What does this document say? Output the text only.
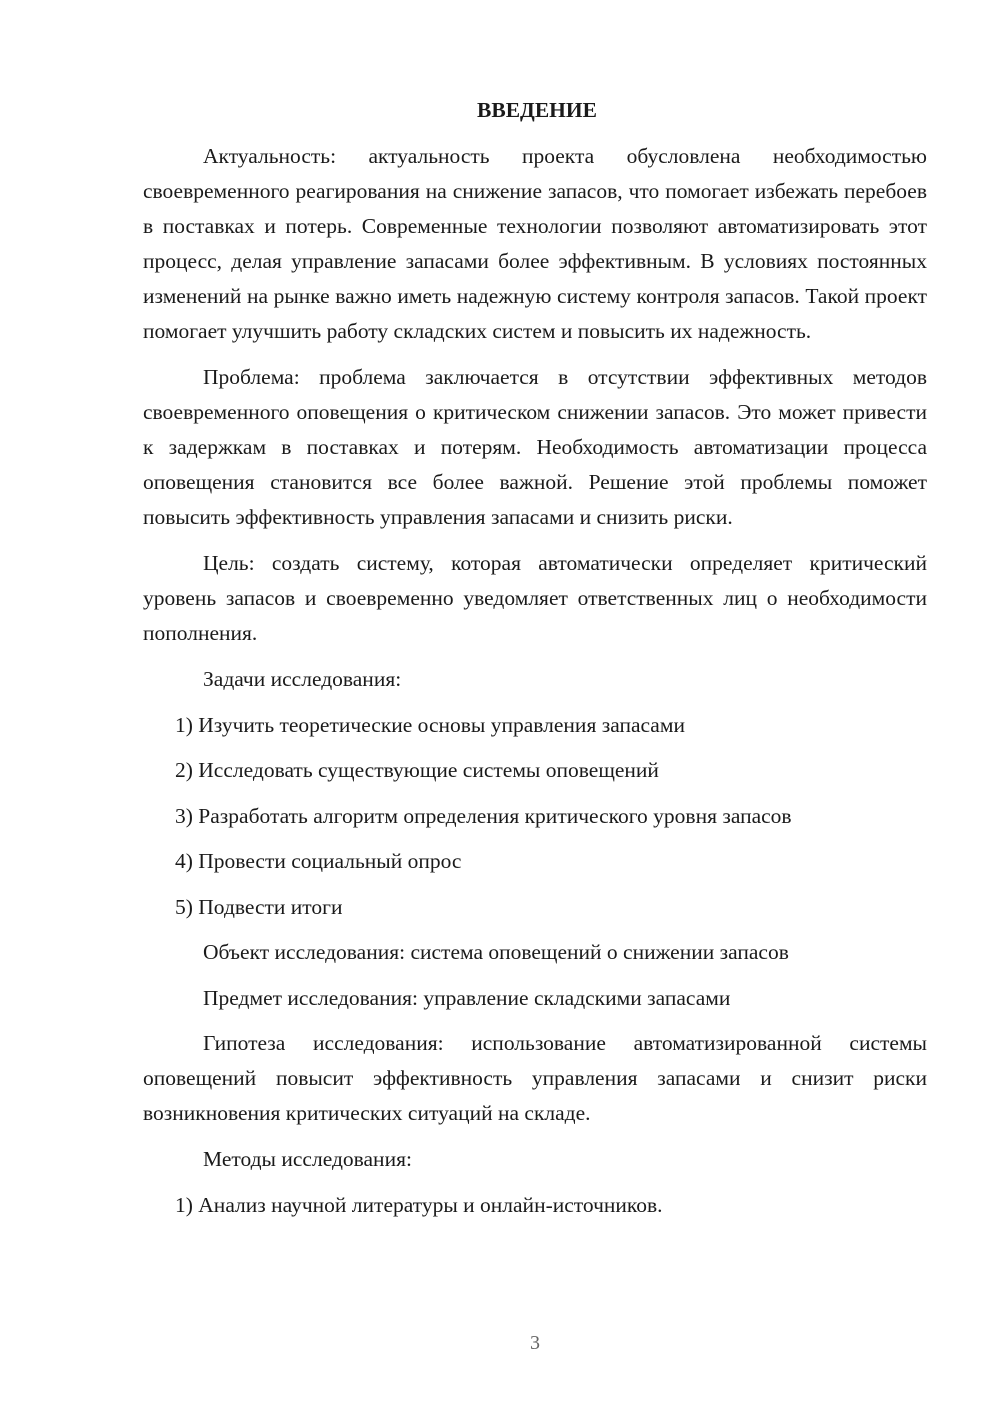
ВВЕДЕНИЕ
Актуальность: актуальность проекта обусловлена необходимостью своевременного реагирования на снижение запасов, что помогает избежать перебоев в поставках и потерь. Современные технологии позволяют автоматизировать этот процесс, делая управление запасами более эффективным. В условиях постоянных изменений на рынке важно иметь надежную систему контроля запасов. Такой проект помогает улучшить работу складских систем и повысить их надежность.
Проблема: проблема заключается в отсутствии эффективных методов своевременного оповещения о критическом снижении запасов. Это может привести к задержкам в поставках и потерям. Необходимость автоматизации процесса оповещения становится все более важной. Решение этой проблемы поможет повысить эффективность управления запасами и снизить риски.
Цель: создать систему, которая автоматически определяет критический уровень запасов и своевременно уведомляет ответственных лиц о необходимости пополнения.
Задачи исследования:
1) Изучить теоретические основы управления запасами
2) Исследовать существующие системы оповещений
3) Разработать алгоритм определения критического уровня запасов
4) Провести социальный опрос
5) Подвести итоги
Объект исследования: система оповещений о снижении запасов
Предмет исследования: управление складскими запасами
Гипотеза исследования: использование автоматизированной системы оповещений повысит эффективность управления запасами и снизит риски возникновения критических ситуаций на складе.
Методы исследования:
1) Анализ научной литературы и онлайн-источников.
3
